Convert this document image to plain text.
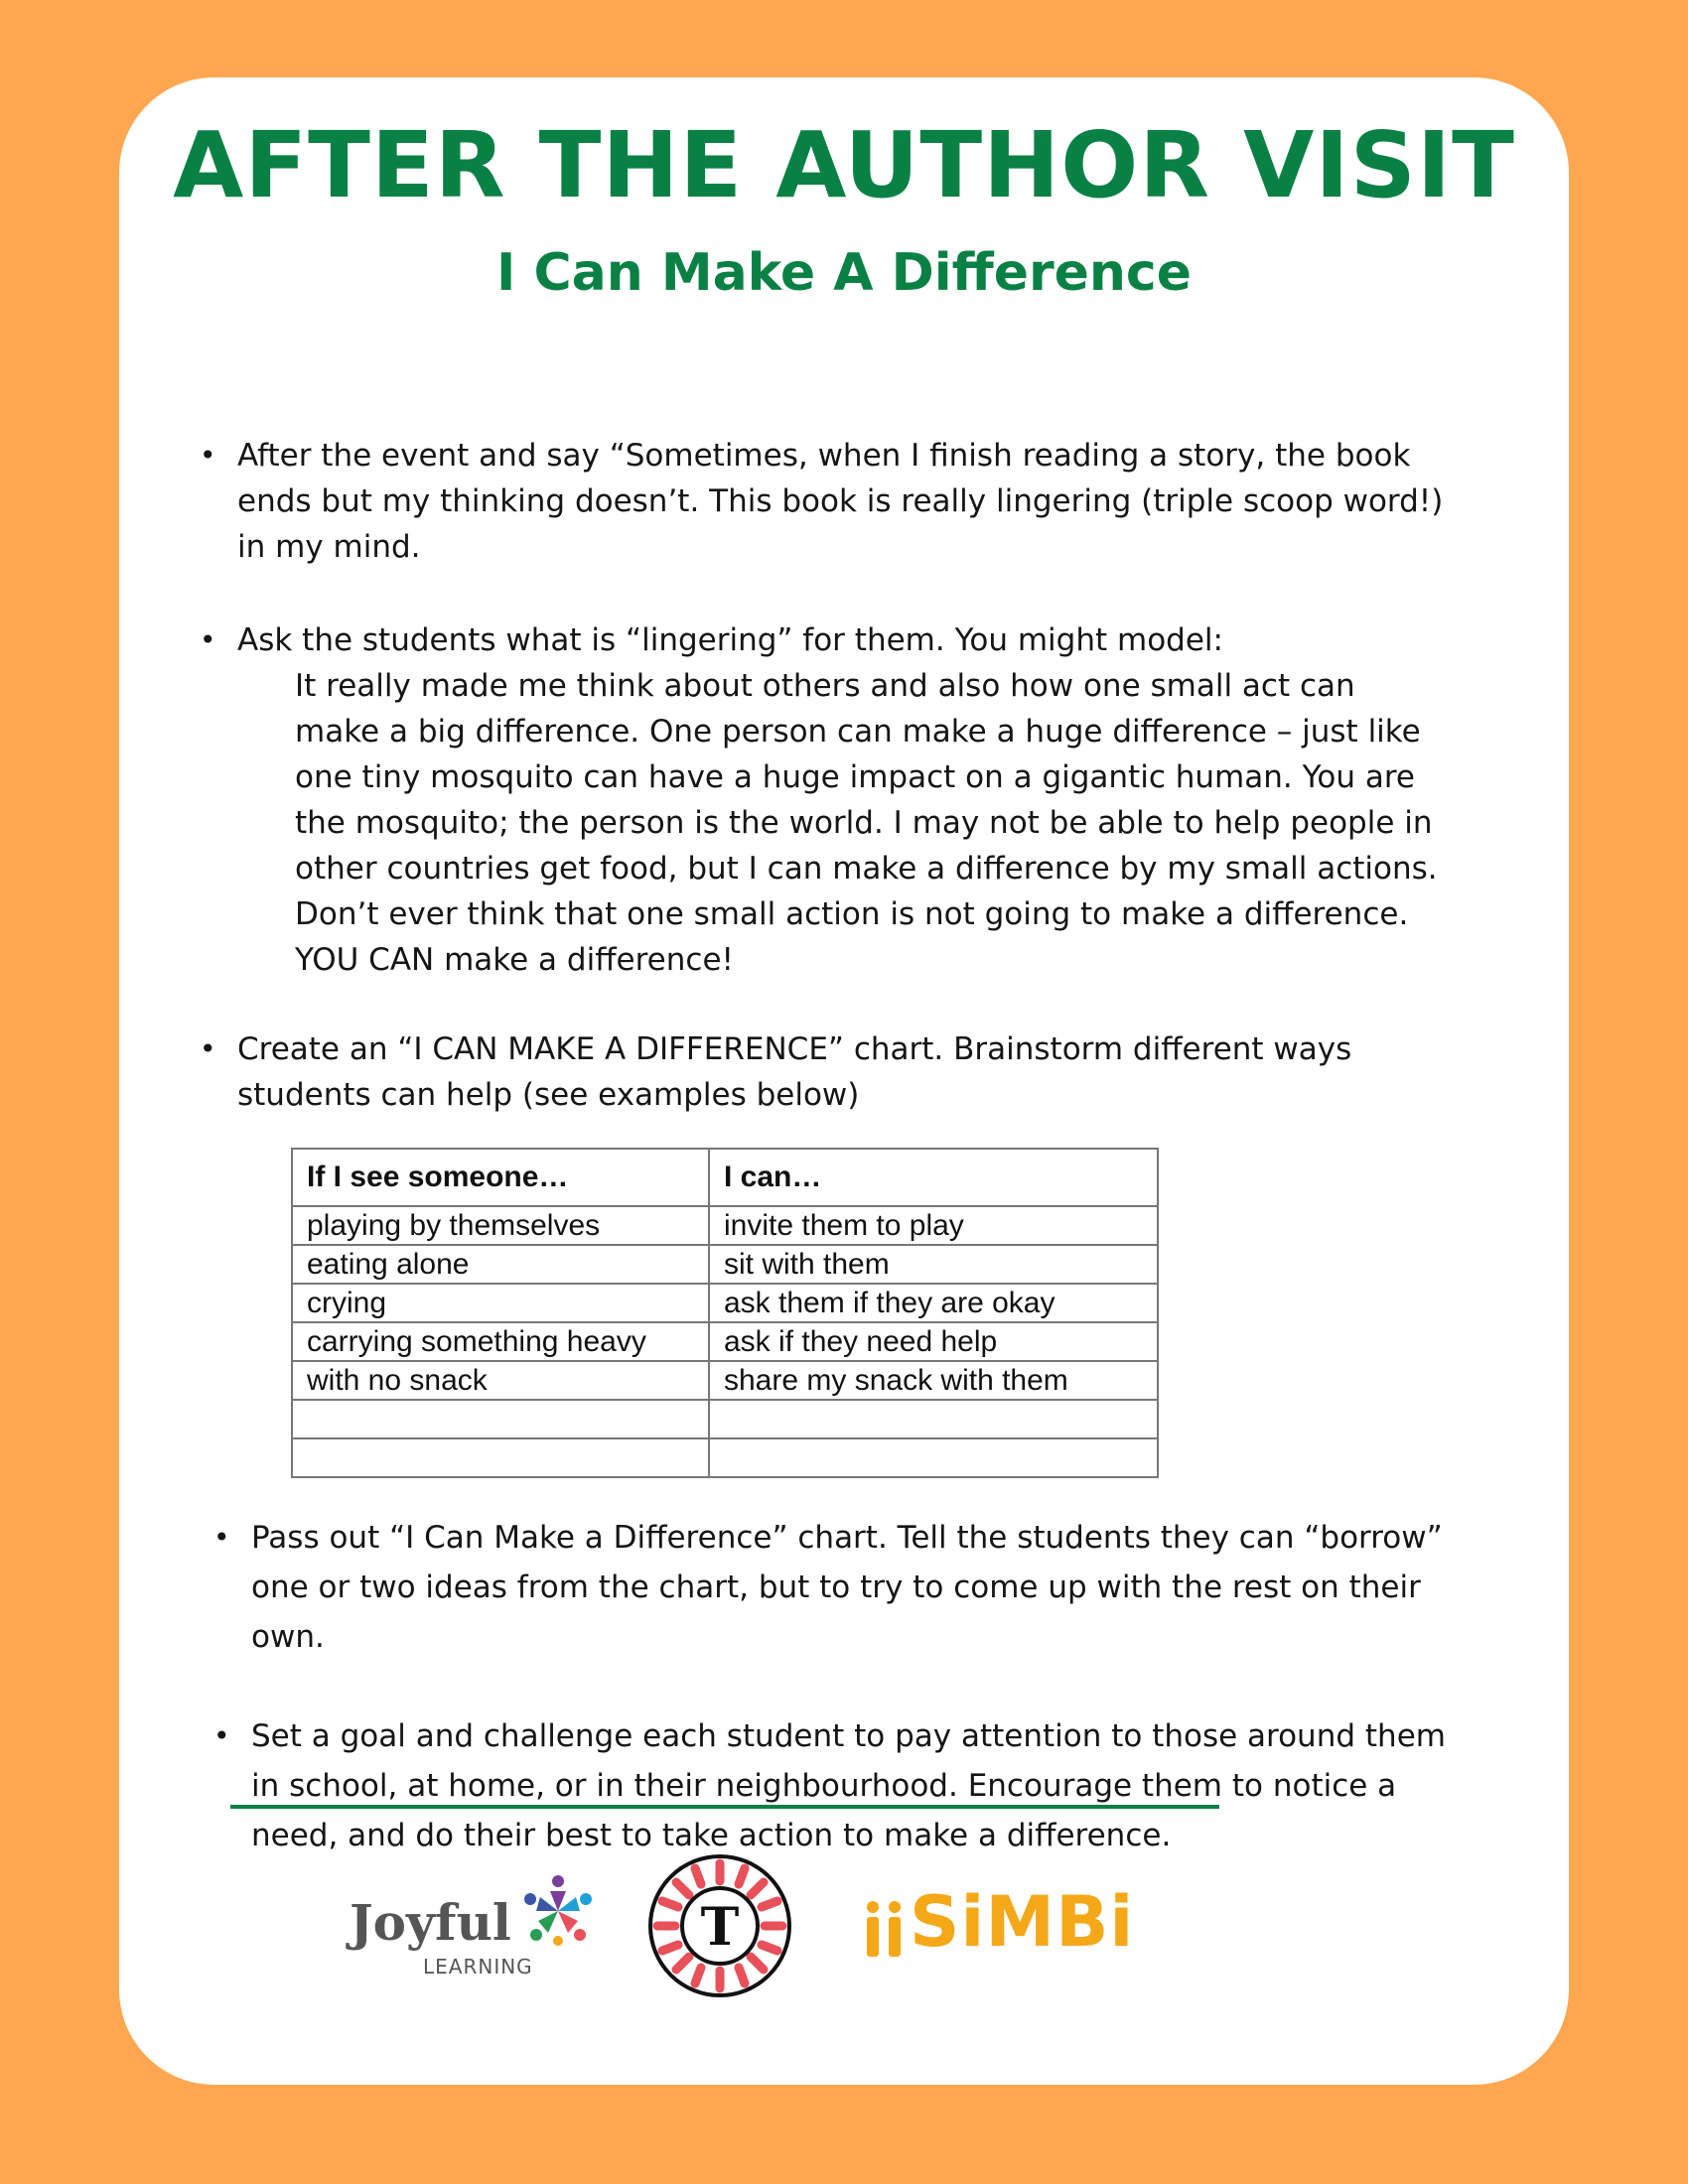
AFTER THE AUTHOR VISIT
I Can Make A Difference
• After the event and say “Sometimes, when I finish reading a story, the book
ends but my thinking doesn’t. This book is really lingering (triple scoop word!)
in my mind.
• Ask the students what is “lingering” for them. You might model:
It really made me think about others and also how one small act can
make a big difference. One person can make a huge difference – just like
one tiny mosquito can have a huge impact on a gigantic human. You are
the mosquito; the person is the world. I may not be able to help people in
other countries get food, but I can make a difference by my small actions.
Don’t ever think that one small action is not going to make a difference.
YOU CAN make a difference!
• Create an “I CAN MAKE A DIFFERENCE” chart. Brainstorm different ways
students can help (see examples below)
If I see someone…	I can…
playing by themselves	invite them to play
eating alone	sit with them
crying	ask them if they are okay
carrying something heavy	ask if they need help
with no snack	share my snack with them

• Pass out “I Can Make a Difference” chart. Tell the students they can “borrow”
one or two ideas from the chart, but to try to come up with the rest on their
own.
• Set a goal and challenge each student to pay attention to those around them
in school, at home, or in their neighbourhood. Encourage them to notice a
need, and do their best to take action to make a difference.
Joyful
LEARNING
T SiMBi
